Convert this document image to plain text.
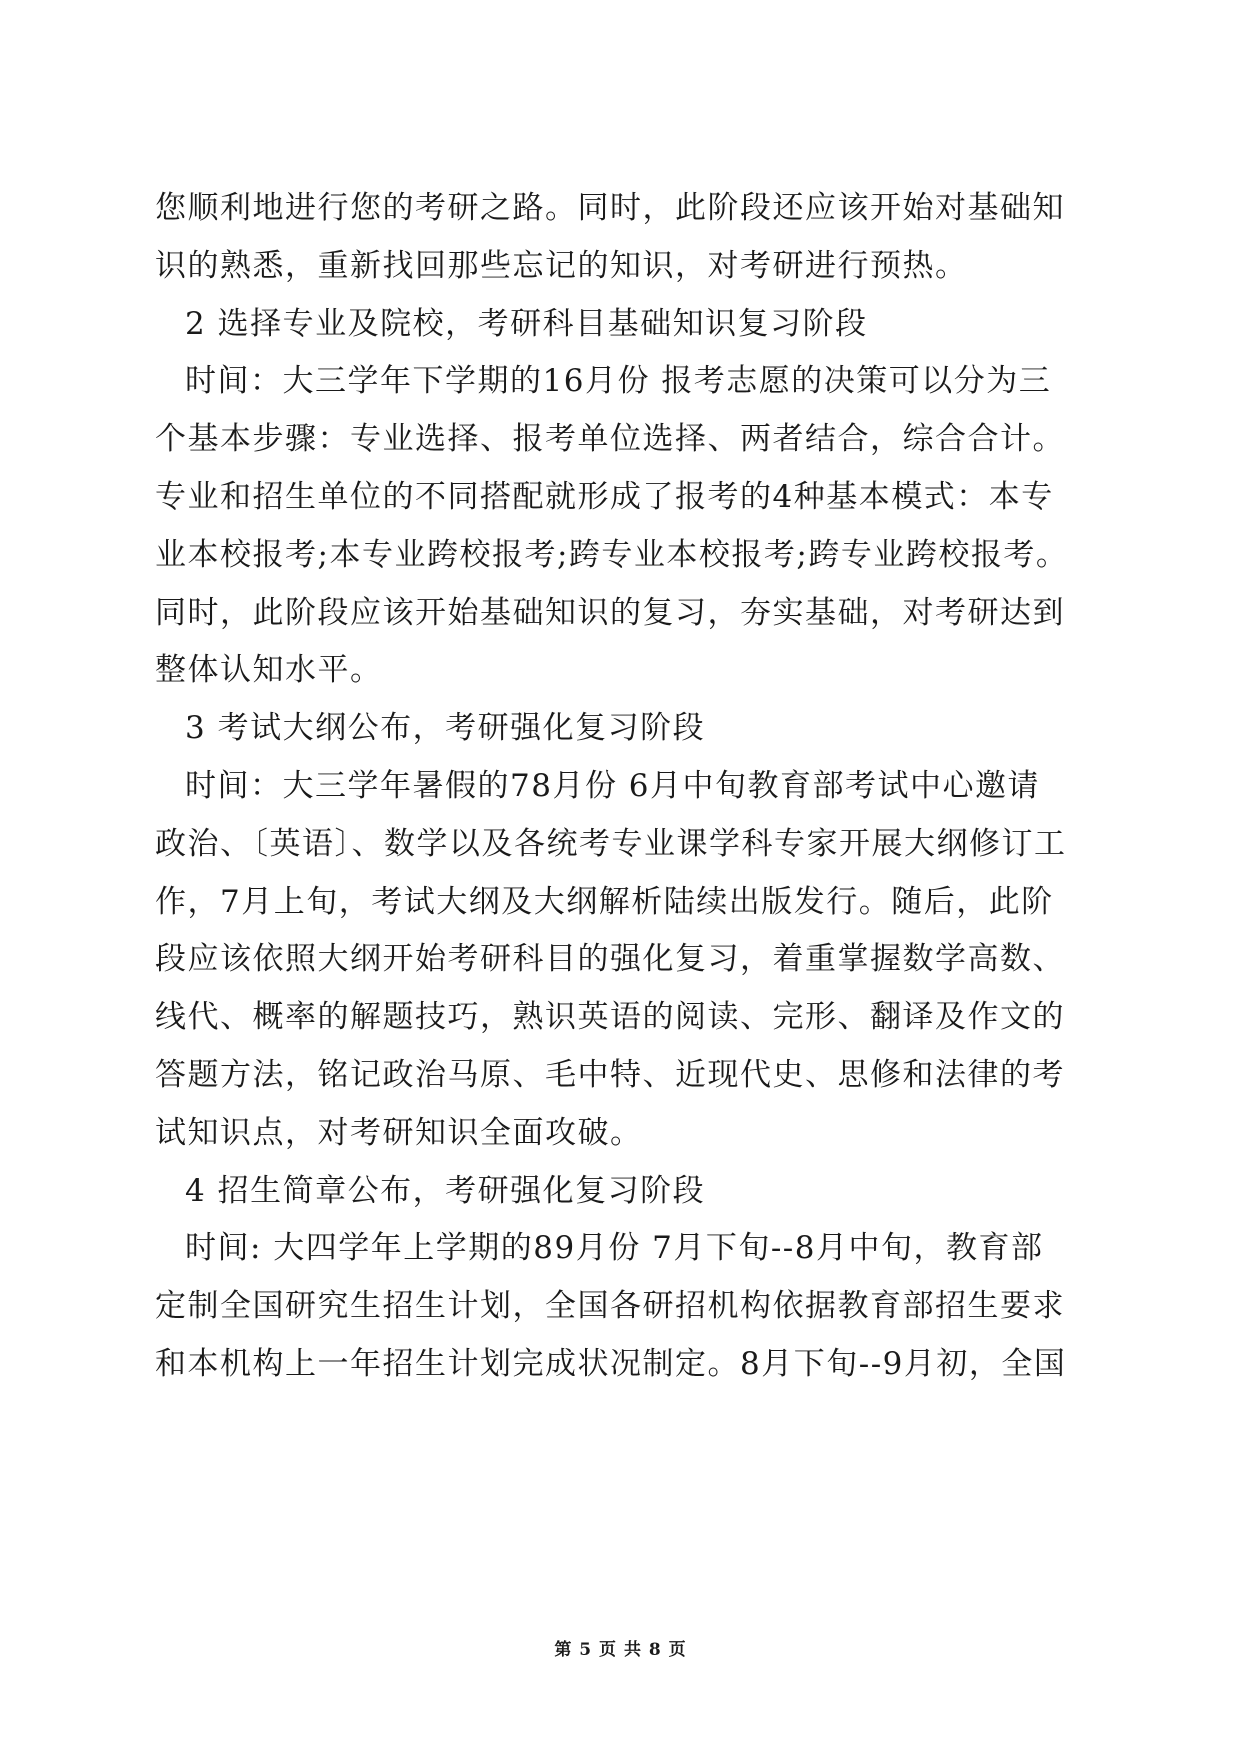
您顺利地进行您的考研之路。同时，此阶段还应该开始对基础知
识的熟悉，重新找回那些忘记的知识，对考研进行预热。
2 选择专业及院校，考研科目基础知识复习阶段
时间：大三学年下学期的16月份 报考志愿的决策可以分为三
个基本步骤：专业选择、报考单位选择、两者结合，综合合计。
专业和招生单位的不同搭配就形成了报考的4种基本模式：本专
业本校报考;本专业跨校报考;跨专业本校报考;跨专业跨校报考。
同时，此阶段应该开始基础知识的复习，夯实基础，对考研达到
整体认知水平。
3 考试大纲公布，考研强化复习阶段
时间：大三学年暑假的78月份 6月中旬教育部考试中心邀请
政治、〔英语〕、数学以及各统考专业课学科专家开展大纲修订工
作，7月上旬，考试大纲及大纲解析陆续出版发行。随后，此阶
段应该依照大纲开始考研科目的强化复习，着重掌握数学高数、
线代、概率的解题技巧，熟识英语的阅读、完形、翻译及作文的
答题方法，铭记政治马原、毛中特、近现代史、思修和法律的考
试知识点，对考研知识全面攻破。
4 招生简章公布，考研强化复习阶段
时间: 大四学年上学期的89月份 7月下旬--8月中旬，教育部
定制全国研究生招生计划，全国各研招机构依据教育部招生要求
和本机构上一年招生计划完成状况制定。8月下旬--9月初，全国
第 5 页 共 8 页
